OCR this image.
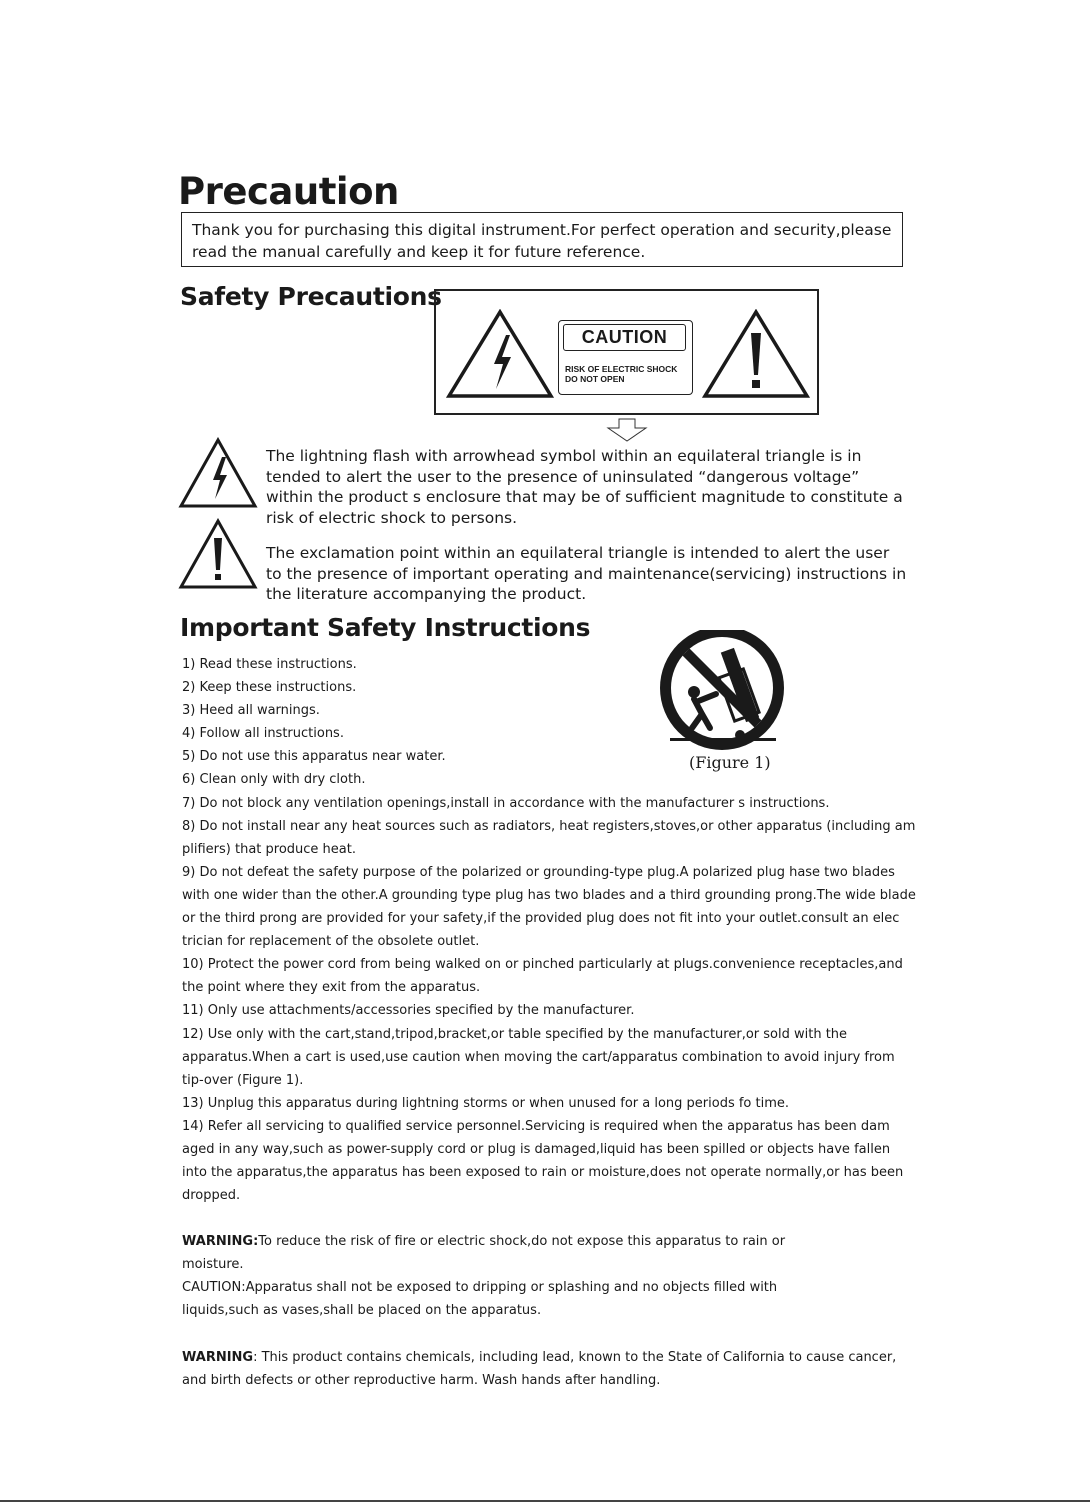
Precaution

Thank you for purchasing this digital instrument.For perfect operation and security,please

read the manual carefully and keep it for future reference.

Safety Precautions
CAUTION
RISK OF ELECTRIC SHOCK
DO NOT OPEN
The lightning flash with arrowhead symbol within an equilateral triangle is in
tended to alert the user to the presence of uninsulated “dangerous voltage”
within the product s enclosure that may be of sufficient magnitude to constitute a
risk of electric shock to persons.
The exclamation point within an equilateral triangle is intended to alert the user
to the presence of important operating and maintenance(servicing) instructions in
the literature accompanying the product.
Important Safety Instructions
(Figure 1)
1) Read these instructions.
2) Keep these instructions.
3) Heed all warnings.
4) Follow all instructions.
5) Do not use this apparatus near water.
6) Clean only with dry cloth.
7) Do not block any ventilation openings,install in accordance with the manufacturer s instructions.
8) Do not install near any heat sources such as radiators, heat registers,stoves,or other apparatus (including am
plifiers) that produce heat.
9) Do not defeat the safety purpose of the polarized or grounding-type plug.A polarized plug hase two blades
with one wider than the other.A grounding type plug has two blades and a third grounding prong.The wide blade
or the third prong are provided for your safety,if the provided plug does not fit into your outlet.consult an elec
trician for replacement of the obsolete outlet.
10) Protect the power cord from being walked on or pinched particularly at plugs.convenience receptacles,and
the point where they exit from the apparatus.
11) Only use attachments/accessories specified by the manufacturer.
12) Use only with the cart,stand,tripod,bracket,or table specified by the manufacturer,or sold with the
apparatus.When a cart is used,use caution when moving the cart/apparatus combination to avoid injury from
tip-over (Figure 1).
13) Unplug this apparatus during lightning storms or when unused for a long periods fo time.
14) Refer all servicing to qualified service personnel.Servicing is required when the apparatus has been dam
aged in any way,such as power-supply cord or plug is damaged,liquid has been spilled or objects have fallen
into the apparatus,the apparatus has been exposed to rain or moisture,does not operate normally,or has been
dropped.
WARNING:To reduce the risk of fire or electric shock,do not expose this apparatus to rain or
moisture.
CAUTION:Apparatus shall not be exposed to dripping or splashing and no objects filled with
liquids,such as vases,shall be placed on the apparatus.
WARNING: This product contains chemicals, including lead, known to the State of California to cause cancer,
and birth defects or other reproductive harm. Wash hands after handling.
